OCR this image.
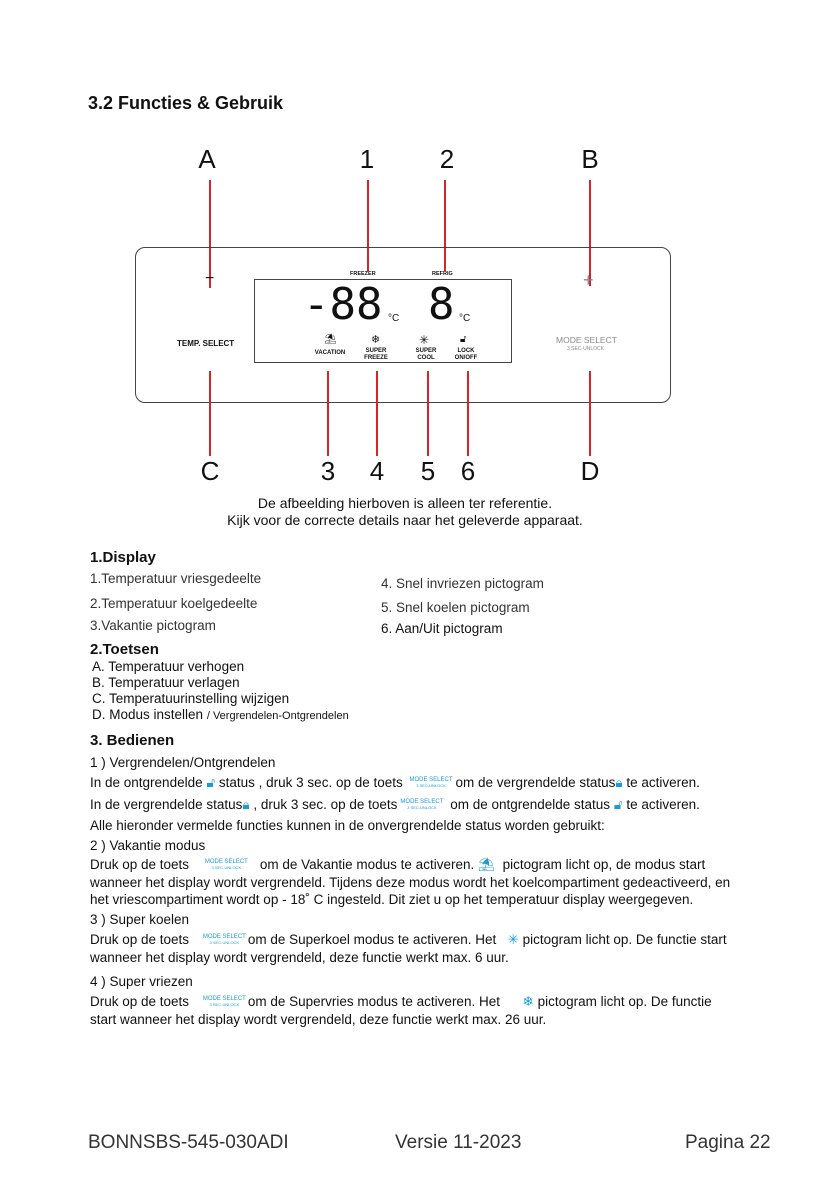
3.2 Functies & Gebruik
A	1	2	B
−	+
TEMP. SELECT	MODE SELECT
3 SEC-UNLOCK
FREEZER	REFRIG
-88 °C 8 °C
⛱	❄	✳	🔓︎
VACATION	SUPER FREEZE
SUPER COOL
LOCK ON/OFF
C	3 4 5 6	D
De afbeelding hierboven is alleen ter referentie.
Kijk voor de correcte details naar het geleverde apparaat.
1.Display
1.Temperatuur vriesgedeelte
2.Temperatuur koelgedeelte
3.Vakantie pictogram
4. Snel invriezen pictogram
5. Snel koelen pictogram
6. Aan/Uit pictogram
2.Toetsen
A. Temperatuur verhogen
B. Temperatuur verlagen
C. Temperatuurinstelling wijzigen
D. Modus instellen / Vergrendelen-Ontgrendelen
3. Bedienen
1 ) Vergrendelen/Ontgrendelen
In de ontgrendelde 🔓︎ status , druk 3 sec. op de toets MODE SELECT
3 SEC-UNLOCK om de vergrendelde status🔒︎ te activeren.
In de vergrendelde status🔒︎ , druk 3 sec. op de toets MODE SELECT
3 SEC-UNLOCK	om de ontgrendelde status 🔓︎ te activeren.
Alle hieronder vermelde functies kunnen in de onvergrendelde status worden gebruikt:
2 ) Vakantie modus
Druk op de toets	MODE SELECT
3 SEC-UNLOCK	om de Vakantie modus te activeren. ⛱ pictogram licht op, de modus start
wanneer het display wordt vergrendeld. Tijdens deze modus wordt het koelcompartiment gedeactiveerd, en
het vriescompartiment wordt op - 18˚ C ingesteld. Dit ziet u op het temperatuur display weergegeven.
3 ) Super koelen
Druk op de toets MODE SELECT
3 SEC-UNLOCK om de Superkoel modus te activeren. Het ✳ pictogram licht op. De functie start
wanneer het display wordt vergrendeld, deze functie werkt max. 6 uur.
4 ) Super vriezen
Druk op de toets MODE SELECT
3 SEC-UNLOCK om de Supervries modus te activeren. Het ❄ pictogram licht op. De functie
start wanneer het display wordt vergrendeld, deze functie werkt max. 26 uur.
BONNSBS-545-030ADI	Versie 11-2023	Pagina 22
